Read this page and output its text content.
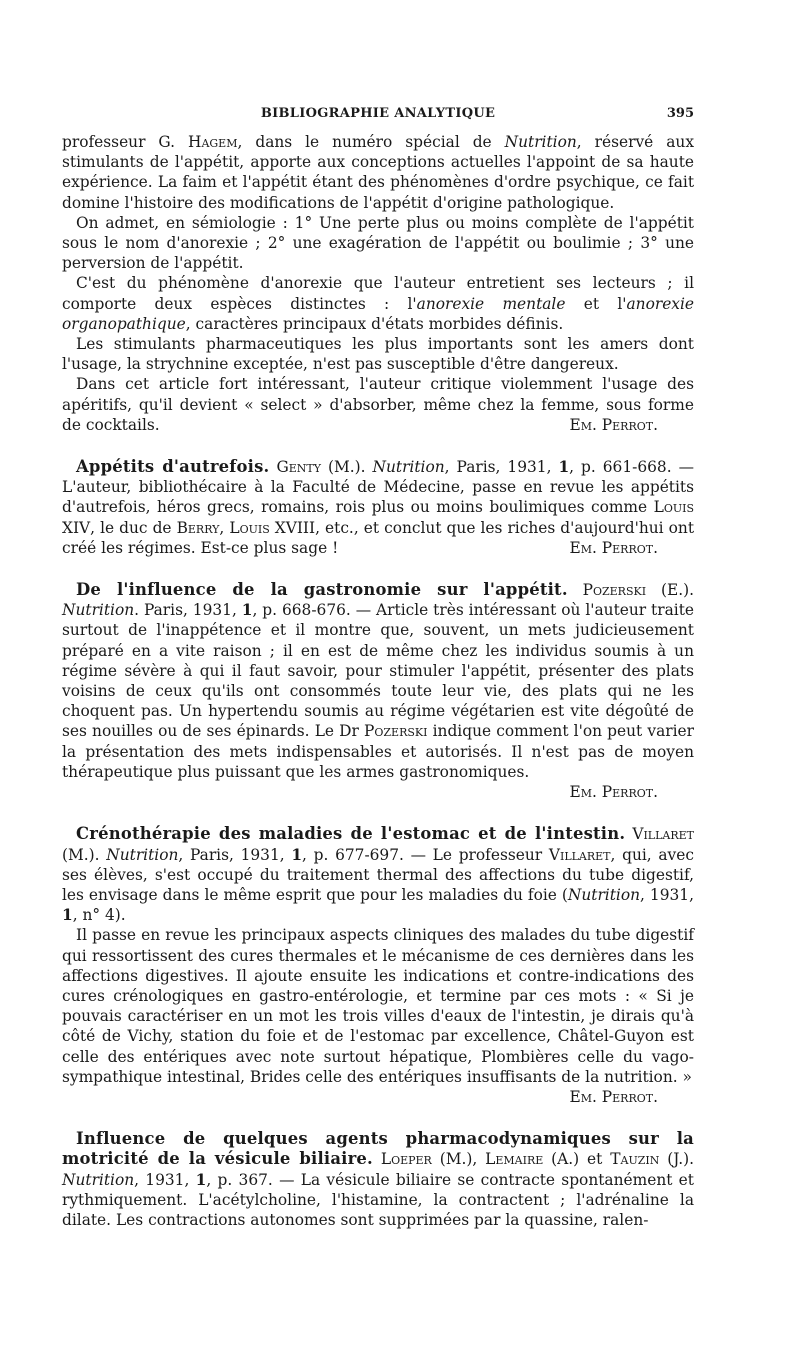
BIBLIOGRAPHIE ANALYTIQUE	395

professeur G. Hagem, dans le numéro spécial de Nutrition, réservé aux stimulants de l'appétit, apporte aux conceptions actuelles l'appoint de sa haute expérience. La faim et l'appétit étant des phénomènes d'ordre psychique, ce fait domine l'histoire des modifications de l'appétit d'origine pathologique.

On admet, en sémiologie : 1° Une perte plus ou moins complète de l'appétit sous le nom d'anorexie ; 2° une exagération de l'appétit ou boulimie ; 3° une perversion de l'appétit.

C'est du phénomène d'anorexie que l'auteur entretient ses lecteurs ; il comporte deux espèces distinctes : l'anorexie mentale et l'anorexie organopathique, caractères principaux d'états morbides définis.

Les stimulants pharmaceutiques les plus importants sont les amers dont l'usage, la strychnine exceptée, n'est pas susceptible d'être dangereux.

Dans cet article fort intéressant, l'auteur critique violemment l'usage des apéritifs, qu'il devient « select » d'absorber, même chez la femme, sous forme de cocktails.	Em. Perrot.

Appétits d'autrefois. Genty (M.). Nutrition, Paris, 1931, 1, p. 661-668. — L'auteur, bibliothécaire à la Faculté de Médecine, passe en revue les appétits d'autrefois, héros grecs, romains, rois plus ou moins boulimiques comme Louis XIV, le duc de Berry, Louis XVIII, etc., et conclut que les riches d'aujourd'hui ont créé les régimes. Est-ce plus sage !	Em. Perrot.

De l'influence de la gastronomie sur l'appétit. Pozerski (E.). Nutrition. Paris, 1931, 1, p. 668-676. — Article très intéressant où l'auteur traite surtout de l'inappétence et il montre que, souvent, un mets judicieusement préparé en a vite raison ; il en est de même chez les individus soumis à un régime sévère à qui il faut savoir, pour stimuler l'appétit, présenter des plats voisins de ceux qu'ils ont consommés toute leur vie, des plats qui ne les choquent pas. Un hypertendu soumis au régime végétarien est vite dégoûté de ses nouilles ou de ses épinards. Le Dr Pozerski indique comment l'on peut varier la présentation des mets indispensables et autorisés. Il n'est pas de moyen thérapeutique plus puissant que les armes gastronomiques.

Em. Perrot.

Crénothérapie des maladies de l'estomac et de l'intestin. Villaret (M.). Nutrition, Paris, 1931, 1, p. 677-697. — Le professeur Villaret, qui, avec ses élèves, s'est occupé du traitement thermal des affections du tube digestif, les envisage dans le même esprit que pour les maladies du foie (Nutrition, 1931, 1, n° 4).

Il passe en revue les principaux aspects cliniques des malades du tube digestif qui ressortissent des cures thermales et le mécanisme de ces dernières dans les affections digestives. Il ajoute ensuite les indications et contre-indications des cures crénologiques en gastro-entérologie, et termine par ces mots : « Si je pouvais caractériser en un mot les trois villes d'eaux de l'intestin, je dirais qu'à côté de Vichy, station du foie et de l'estomac par excellence, Châtel-Guyon est celle des entériques avec note surtout hépatique, Plombières celle du vago-sympathique intestinal, Brides celle des entériques insuffisants de la nutrition. »
Em. Perrot.

Influence de quelques agents pharmacodynamiques sur la motricité de la vésicule biliaire. Loeper (M.), Lemaire (A.) et Tauzin (J.). Nutrition, 1931, 1, p. 367. — La vésicule biliaire se contracte spontanément et rythmiquement. L'acétylcholine, l'histamine, la contractent ; l'adrénaline la dilate. Les contractions autonomes sont supprimées par la quassine, ralen-
